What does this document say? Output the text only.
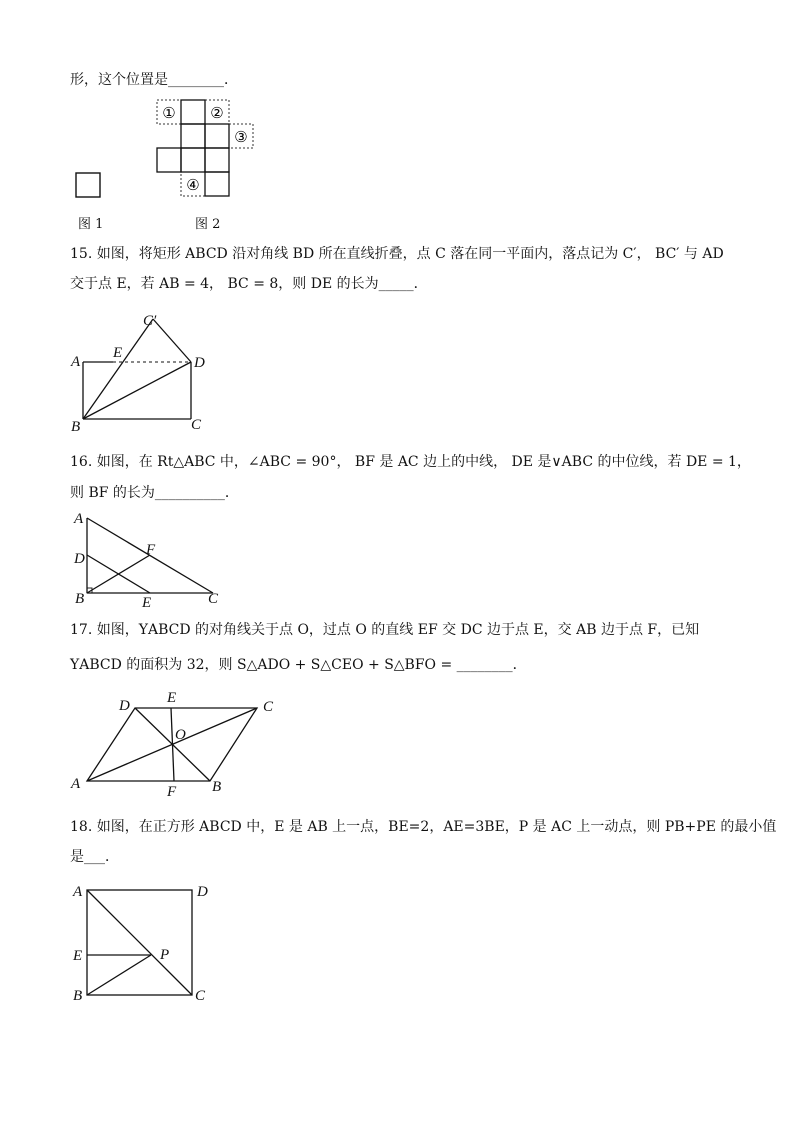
形，这个位置是________．
图 1
① ②
③
④
图 2
15. 如图，将矩形 ABCD 沿对角线 BD 所在直线折叠，点 C 落在同一平面内，落点记为 C′， BC′ 与 AD
交于点 E，若 AB = 4， BC = 8，则 DE 的长为_____．
C′
A
E
D
B	C
16. 如图，在 Rt△ABC 中，∠ABC = 90°， BF 是 AC 边上的中线， DE 是∨ABC 的中位线，若 DE = 1，
则 BF 的长为__________．
A
D
F
B	E	C
17. 如图，ΥABCD 的对角线关于点 O，过点 O 的直线 EF 交 DC 边于点 E，交 AB 边于点 F，已知
ΥABCD 的面积为 32，则 S△ADO + S△CEO + S△BFO = ________．
D E
C
O
A	B
F
18. 如图，在正方形 ABCD 中，E 是 AB 上一点，BE=2，AE=3BE，P 是 AC 上一动点，则 PB+PE 的最小值
是___．
A	D
E	P
B	C
